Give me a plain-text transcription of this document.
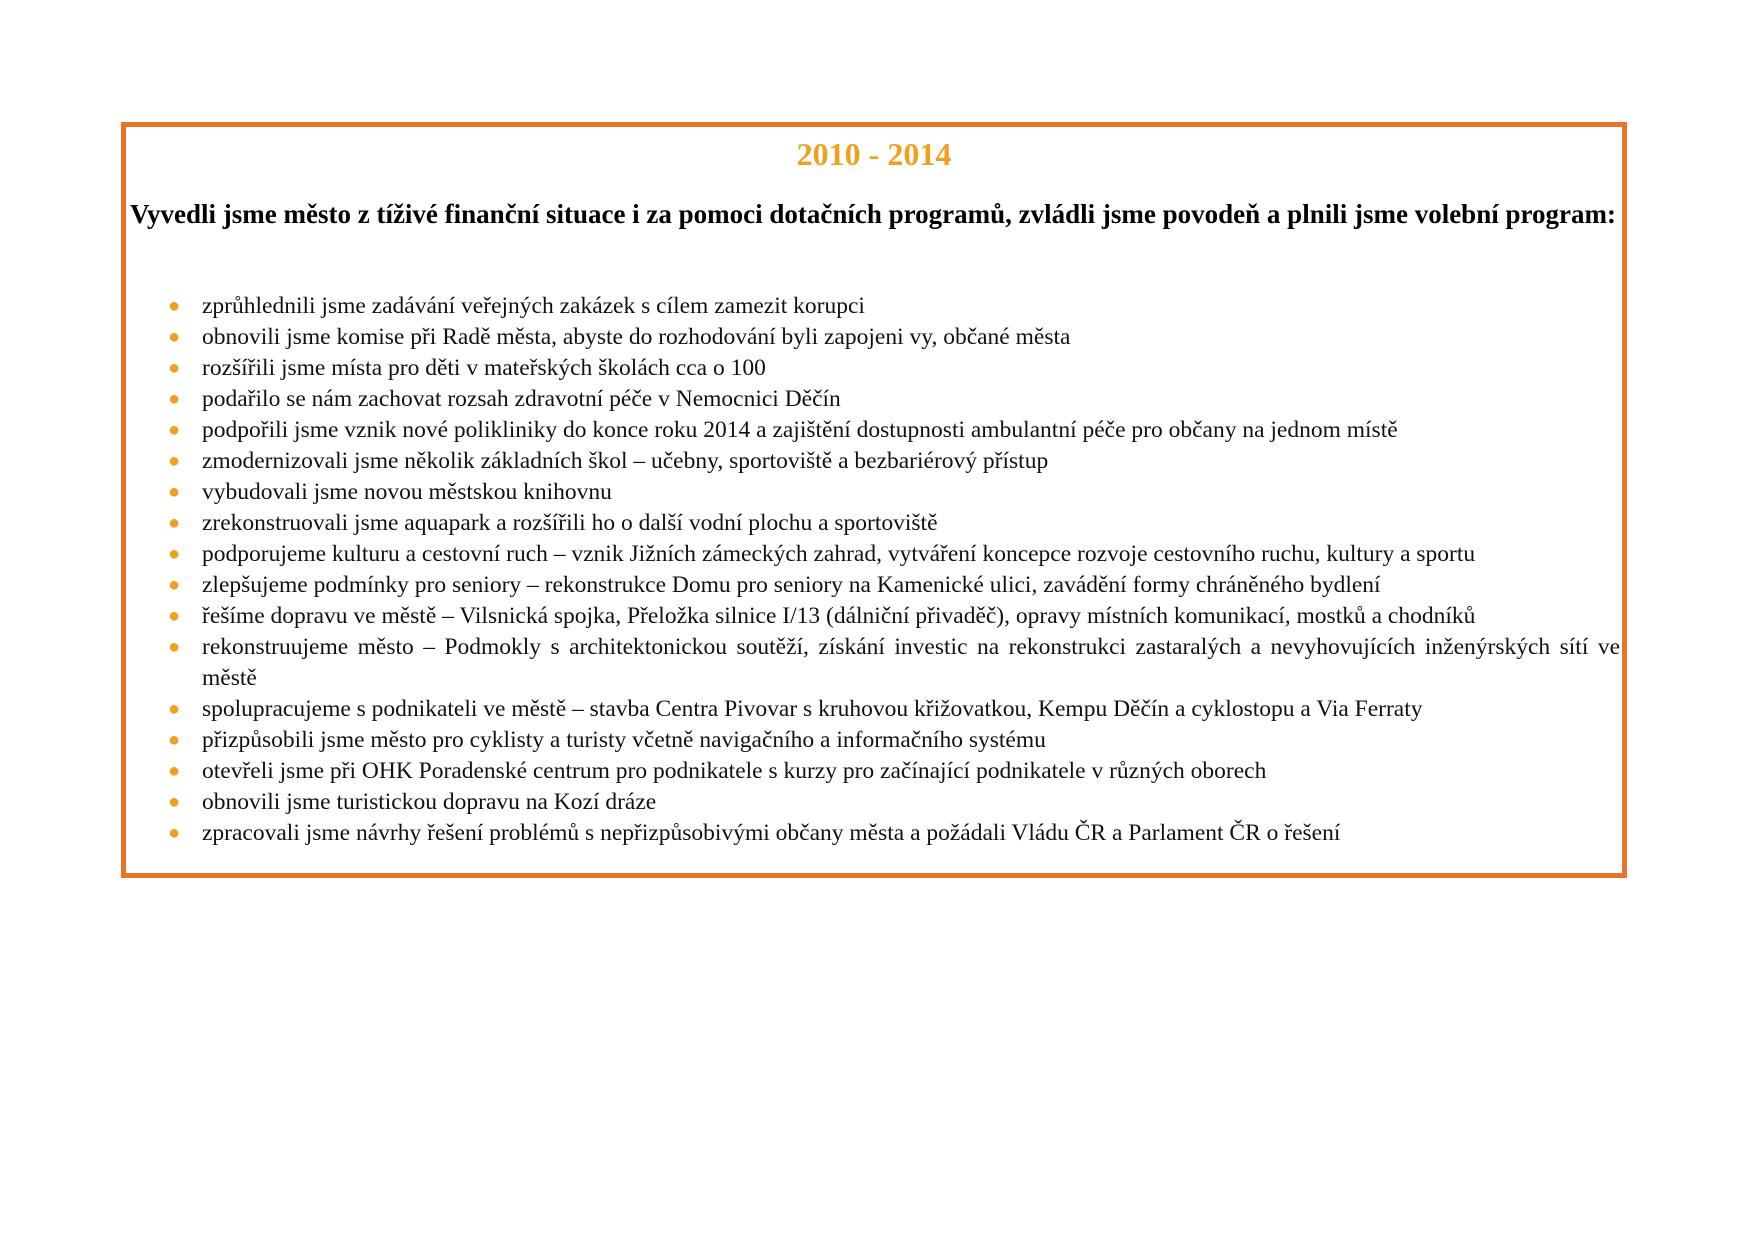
2010 - 2014
Vyvedli jsme město z tíživé finanční situace i za pomoci dotačních programů, zvládli jsme povodeň a plnili jsme volební program:
● zprůhlednili jsme zadávání veřejných zakázek s cílem zamezit korupci
● obnovili jsme komise při Radě města, abyste do rozhodování byli zapojeni vy, občané města
● rozšířili jsme místa pro děti v mateřských školách cca o 100
● podařilo se nám zachovat rozsah zdravotní péče v Nemocnici Děčín
● podpořili jsme vznik nové polikliniky do konce roku 2014 a zajištění dostupnosti ambulantní péče pro občany na jednom místě
● zmodernizovali jsme několik základních škol – učebny, sportoviště a bezbariérový přístup
● vybudovali jsme novou městskou knihovnu
● zrekonstruovali jsme aquapark a rozšířili ho o další vodní plochu a sportoviště
● podporujeme kulturu a cestovní ruch – vznik Jižních zámeckých zahrad, vytváření koncepce rozvoje cestovního ruchu, kultury a sportu
● zlepšujeme podmínky pro seniory – rekonstrukce Domu pro seniory na Kamenické ulici, zavádění formy chráněného bydlení
● řešíme dopravu ve městě – Vilsnická spojka, Přeložka silnice I/13 (dálniční přivaděč), opravy místních komunikací, mostků a chodníků
● rekonstruujeme město – Podmokly s architektonickou soutěží, získání investic na rekonstrukci zastaralých a nevyhovujících inženýrských sítí ve městě
● spolupracujeme s podnikateli ve městě – stavba Centra Pivovar s kruhovou křižovatkou, Kempu Děčín a cyklostopu a Via Ferraty
● přizpůsobili jsme město pro cyklisty a turisty včetně navigačního a informačního systému
● otevřeli jsme při OHK Poradenské centrum pro podnikatele s kurzy pro začínající podnikatele v různých oborech
● obnovili jsme turistickou dopravu na Kozí dráze
● zpracovali jsme návrhy řešení problémů s nepřizpůsobivými občany města a požádali Vládu ČR a Parlament ČR o řešení
